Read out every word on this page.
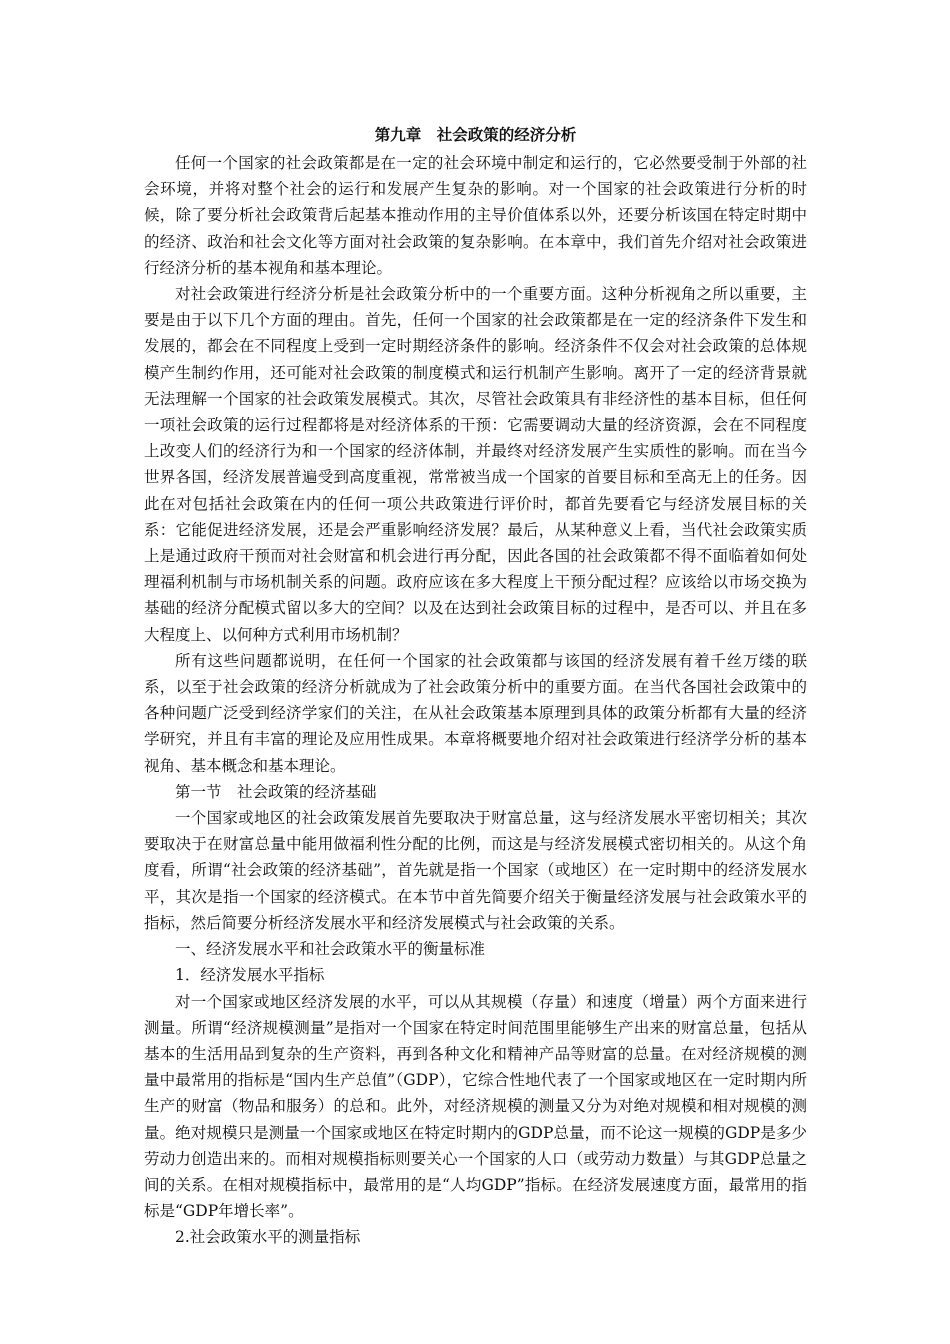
第九章　社会政策的经济分析

任何一个国家的社会政策都是在一定的社会环境中制定和运行的，它必然要受制于外部的社会环境，并将对整个社会的运行和发展产生复杂的影响。对一个国家的社会政策进行分析的时候，除了要分析社会政策背后起基本推动作用的主导价值体系以外，还要分析该国在特定时期中的经济、政治和社会文化等方面对社会政策的复杂影响。在本章中，我们首先介绍对社会政策进行经济分析的基本视角和基本理论。

对社会政策进行经济分析是社会政策分析中的一个重要方面。这种分析视角之所以重要，主要是由于以下几个方面的理由。首先，任何一个国家的社会政策都是在一定的经济条件下发生和发展的，都会在不同程度上受到一定时期经济条件的影响。经济条件不仅会对社会政策的总体规模产生制约作用，还可能对社会政策的制度模式和运行机制产生影响。离开了一定的经济背景就无法理解一个国家的社会政策发展模式。其次，尽管社会政策具有非经济性的基本目标，但任何一项社会政策的运行过程都将是对经济体系的干预：它需要调动大量的经济资源，会在不同程度上改变人们的经济行为和一个国家的经济体制，并最终对经济发展产生实质性的影响。而在当今世界各国，经济发展普遍受到高度重视，常常被当成一个国家的首要目标和至高无上的任务。因此在对包括社会政策在内的任何一项公共政策进行评价时，都首先要看它与经济发展目标的关系：它能促进经济发展，还是会严重影响经济发展？最后，从某种意义上看，当代社会政策实质上是通过政府干预而对社会财富和机会进行再分配，因此各国的社会政策都不得不面临着如何处理福利机制与市场机制关系的问题。政府应该在多大程度上干预分配过程？应该给以市场交换为基础的经济分配模式留以多大的空间？以及在达到社会政策目标的过程中，是否可以、并且在多大程度上、以何种方式利用市场机制？

所有这些问题都说明，在任何一个国家的社会政策都与该国的经济发展有着千丝万缕的联系，以至于社会政策的经济分析就成为了社会政策分析中的重要方面。在当代各国社会政策中的各种问题广泛受到经济学家们的关注，在从社会政策基本原理到具体的政策分析都有大量的经济学研究，并且有丰富的理论及应用性成果。本章将概要地介绍对社会政策进行经济学分析的基本视角、基本概念和基本理论。

第一节　社会政策的经济基础

一个国家或地区的社会政策发展首先要取决于财富总量，这与经济发展水平密切相关；其次要取决于在财富总量中能用做福利性分配的比例，而这是与经济发展模式密切相关的。从这个角度看，所谓“社会政策的经济基础”，首先就是指一个国家（或地区）在一定时期中的经济发展水平，其次是指一个国家的经济模式。在本节中首先简要介绍关于衡量经济发展与社会政策水平的指标，然后简要分析经济发展水平和经济发展模式与社会政策的关系。

一、经济发展水平和社会政策水平的衡量标准

1．经济发展水平指标

对一个国家或地区经济发展的水平，可以从其规模（存量）和速度（增量）两个方面来进行测量。所谓“经济规模测量”是指对一个国家在特定时间范围里能够生产出来的财富总量，包括从基本的生活用品到复杂的生产资料，再到各种文化和精神产品等财富的总量。在对经济规模的测量中最常用的指标是“国内生产总值”（GDP），它综合性地代表了一个国家或地区在一定时期内所生产的财富（物品和服务）的总和。此外，对经济规模的测量又分为对绝对规模和相对规模的测量。绝对规模只是测量一个国家或地区在特定时期内的GDP总量，而不论这一规模的GDP是多少劳动力创造出来的。而相对规模指标则要关心一个国家的人口（或劳动力数量）与其GDP总量之间的关系。在相对规模指标中，最常用的是“人均GDP”指标。在经济发展速度方面，最常用的指标是“GDP年增长率”。

2.社会政策水平的测量指标
